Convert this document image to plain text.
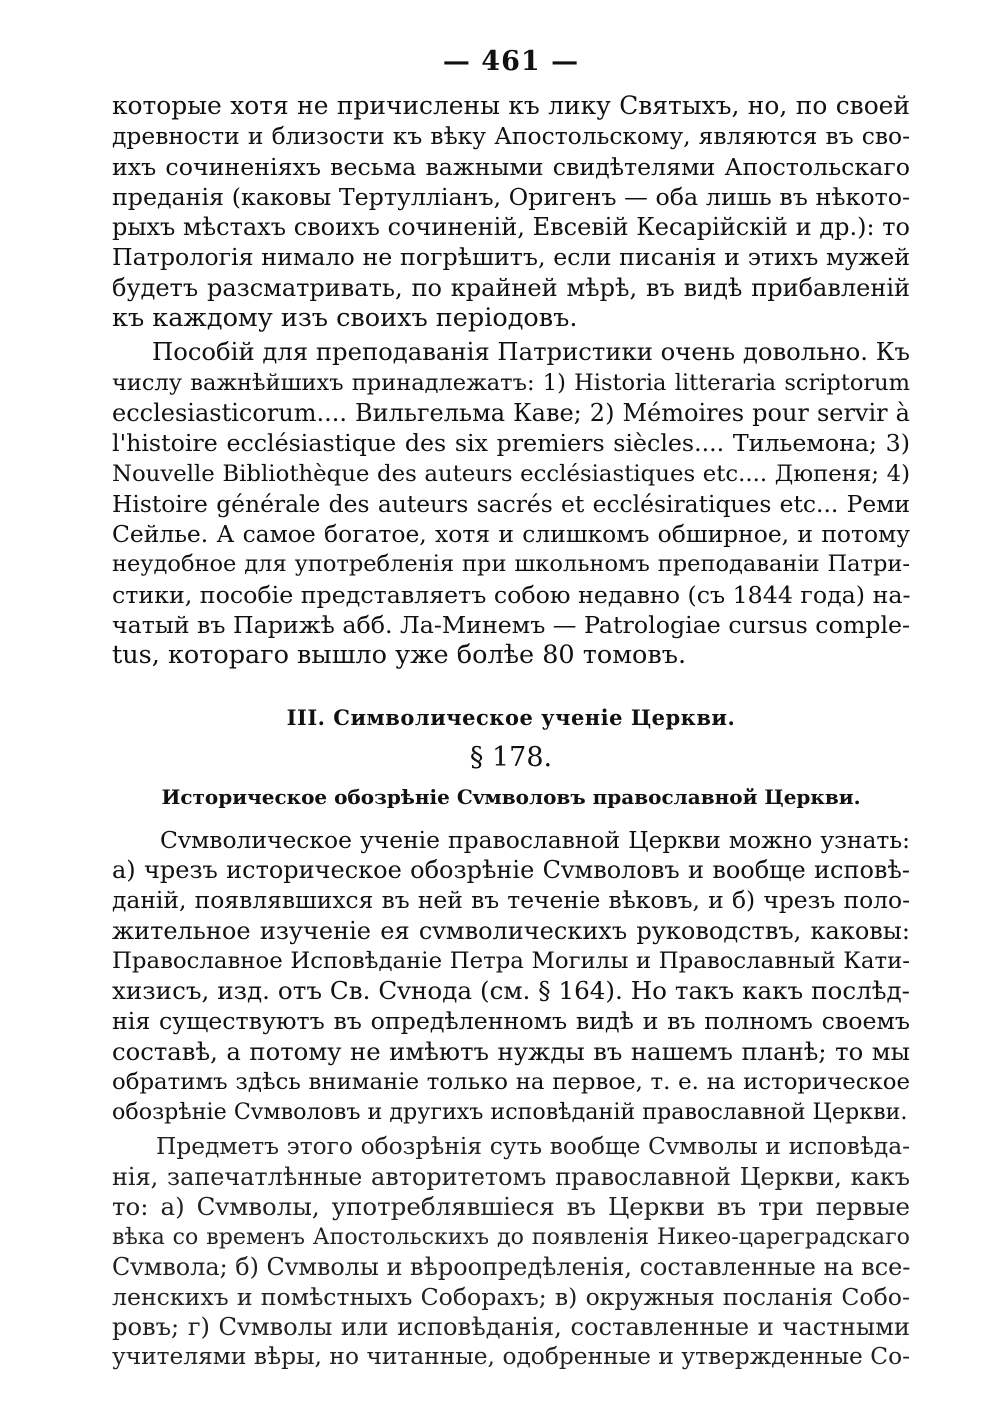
— 461 —
которые хотя не причислены къ лику Святыхъ, но, по своей
древности и близости къ вѣку Апостольскому, являются въ сво-
ихъ сочиненіяхъ весьма важными свидѣтелями Апостольскаго
преданія (каковы Тертулліанъ, Оригенъ — оба лишь въ нѣкото-
рыхъ мѣстахъ своихъ сочиненій, Евсевій Кесарійскій и др.): то
Патрологія нимало не погрѣшитъ, если писанія и этихъ мужей
будетъ разсматривать, по крайней мѣрѣ, въ видѣ прибавленій
къ каждому изъ своихъ періодовъ.
Пособій для преподаванія Патристики очень довольно. Къ
числу важнѣйшихъ принадлежатъ: 1) Historia litteraria scriptorum
ecclesiasticorum.... Вильгельма Каве; 2) Mémoires pour servir à
l'histoire ecclésiastique des six premiers siècles.... Тильемона; 3)
Nouvelle Bibliothèque des auteurs ecclésiastiques etc.... Дюпеня; 4)
Histoire générale des auteurs sacrés et ecclésiratiques etc... Реми
Сейлье. А самое богатое, хотя и слишкомъ обширное, и потому
неудобное для употребленія при школьномъ преподаваніи Патри-
стики, пособіе представляетъ собою недавно (съ 1844 года) на-
чатый въ Парижѣ абб. Ла-Минемъ — Patrologiae cursus comple-
tus, котораго вышло уже болѣе 80 томовъ.
III. Символическое ученіе Церкви.
§ 178.
Историческое обозрѣніе Сvмволовъ православной Церкви.
Сvмволическое ученіе православной Церкви можно узнать:
а) чрезъ историческое обозрѣніе Сvмволовъ и вообще исповѣ-
даній, появлявшихся въ ней въ теченіе вѣковъ, и б) чрезъ поло-
жительное изученіе ея сvмволическихъ руководствъ, каковы:
Православное Исповѣданіе Петра Могилы и Православный Кати-
хизисъ, изд. отъ Св. Сvнода (см. § 164). Но такъ какъ послѣд-
нія существуютъ въ опредѣленномъ видѣ и въ полномъ своемъ
составѣ, а потому не имѣютъ нужды въ нашемъ планѣ; то мы
обратимъ здѣсь вниманіе только на первое, т. е. на историческое
обозрѣніе Сvмволовъ и другихъ исповѣданій православной Церкви.
Предметъ этого обозрѣнія суть вообще Сvмволы и исповѣда-
нія, запечатлѣнные авторитетомъ православной Церкви, какъ
то: а) Сvмволы, употреблявшіеся въ Церкви въ три первые
вѣка со временъ Апостольскихъ до появленія Никео-цареградскаго
Сvмвола; б) Сvмволы и вѣроопредѣленія, составленные на все-
ленскихъ и помѣстныхъ Соборахъ; в) окружныя посланія Собо-
ровъ; г) Сvмволы или исповѣданія, составленные и частными
учителями вѣры, но читанные, одобренные и утвержденные Со-
